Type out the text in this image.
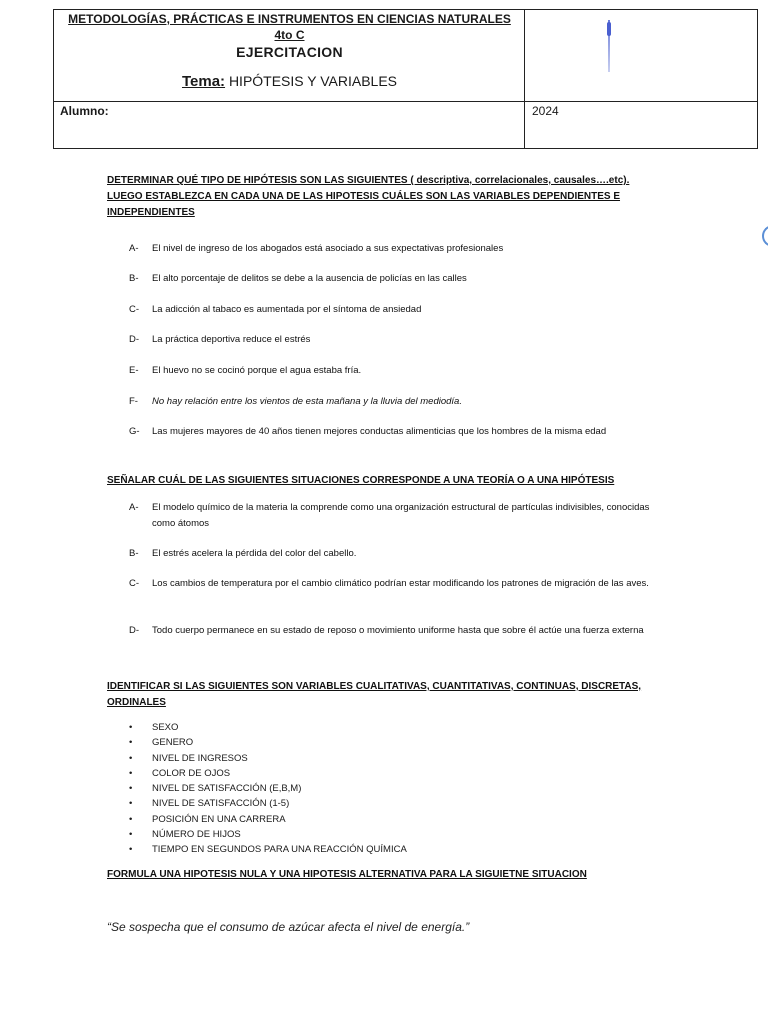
METODOLOGÍAS, PRÁCTICAS E INSTRUMENTOS EN CIENCIAS NATURALES
4to C
EJERCITACION
Tema: HIPÓTESIS Y VARIABLES
Alumno:	2024
DETERMINAR QUÉ TIPO DE HIPÓTESIS SON LAS SIGUIENTES ( descriptiva, correlacionales, causales….etc). LUEGO ESTABLEZCA EN CADA UNA DE LAS HIPOTESIS CUÁLES SON LAS VARIABLES DEPENDIENTES E INDEPENDIENTES
A- El nivel de ingreso de los abogados está asociado a sus expectativas profesionales
B- El alto porcentaje de delitos se debe a la ausencia de policías en las calles
C- La adicción al tabaco es aumentada por el síntoma de ansiedad
D- La práctica deportiva reduce el estrés
E- El huevo no se cocinó porque el agua estaba fría.
F- No hay relación entre los vientos de esta mañana y la lluvia del mediodía.
G- Las mujeres mayores de 40 años tienen mejores conductas alimenticias que los hombres de la misma edad
SEÑALAR CUÁL DE LAS SIGUIENTES SITUACIONES CORRESPONDE A UNA TEORÍA O A UNA HIPÓTESIS
A- El modelo químico de la materia la comprende como una organización estructural de partículas indivisibles, conocidas como átomos
B- El estrés acelera la pérdida del color del cabello.
C- Los cambios de temperatura por el cambio climático podrían estar modificando los patrones de migración de las aves.
D- Todo cuerpo permanece en su estado de reposo o movimiento uniforme hasta que sobre él actúe una fuerza externa
IDENTIFICAR SI LAS SIGUIENTES SON VARIABLES CUALITATIVAS, CUANTITATIVAS, CONTINUAS, DISCRETAS, ORDINALES
• SEXO
• GENERO
• NIVEL DE INGRESOS
• COLOR DE OJOS
• NIVEL DE SATISFACCIÓN (E,B,M)
• NIVEL DE SATISFACCIÓN (1-5)
• POSICIÓN EN UNA CARRERA
• NÚMERO DE HIJOS
• TIEMPO EN SEGUNDOS PARA UNA REACCIÓN QUÍMICA
FORMULA UNA HIPOTESIS NULA Y UNA HIPOTESIS ALTERNATIVA PARA LA SIGUIETNE SITUACION
“Se sospecha que el consumo de azúcar afecta el nivel de energía.”
